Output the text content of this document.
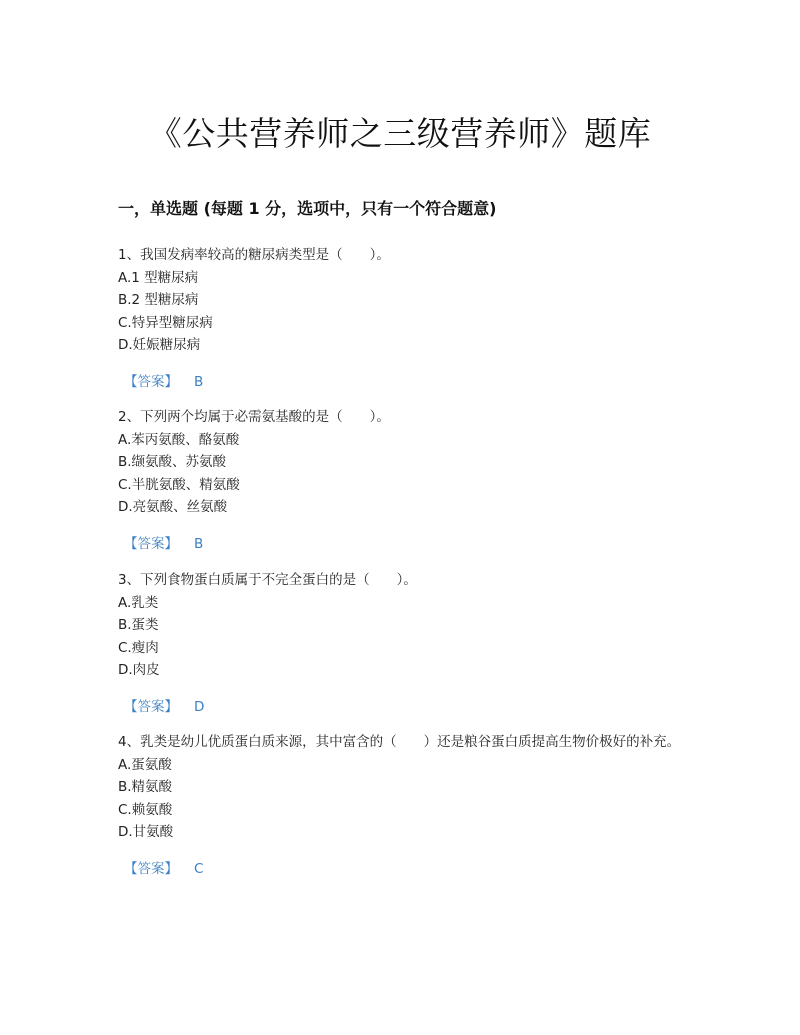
《公共营养师之三级营养师》题库
一，单选题 (每题 1 分，选项中，只有一个符合题意)
1、我国发病率较高的糖尿病类型是（　　）。
A.1 型糖尿病
B.2 型糖尿病
C.特异型糖尿病
D.妊娠糖尿病
【答案】 B
2、下列两个均属于必需氨基酸的是（　　）。
A.苯丙氨酸、酪氨酸
B.缬氨酸、苏氨酸
C.半胱氨酸、精氨酸
D.亮氨酸、丝氨酸
【答案】 B
3、下列食物蛋白质属于不完全蛋白的是（　　）。
A.乳类
B.蛋类
C.瘦肉
D.肉皮
【答案】 D
4、乳类是幼儿优质蛋白质来源，其中富含的（　　）还是粮谷蛋白质提高生物价极好的补充。
A.蛋氨酸
B.精氨酸
C.赖氨酸
D.甘氨酸
【答案】 C
